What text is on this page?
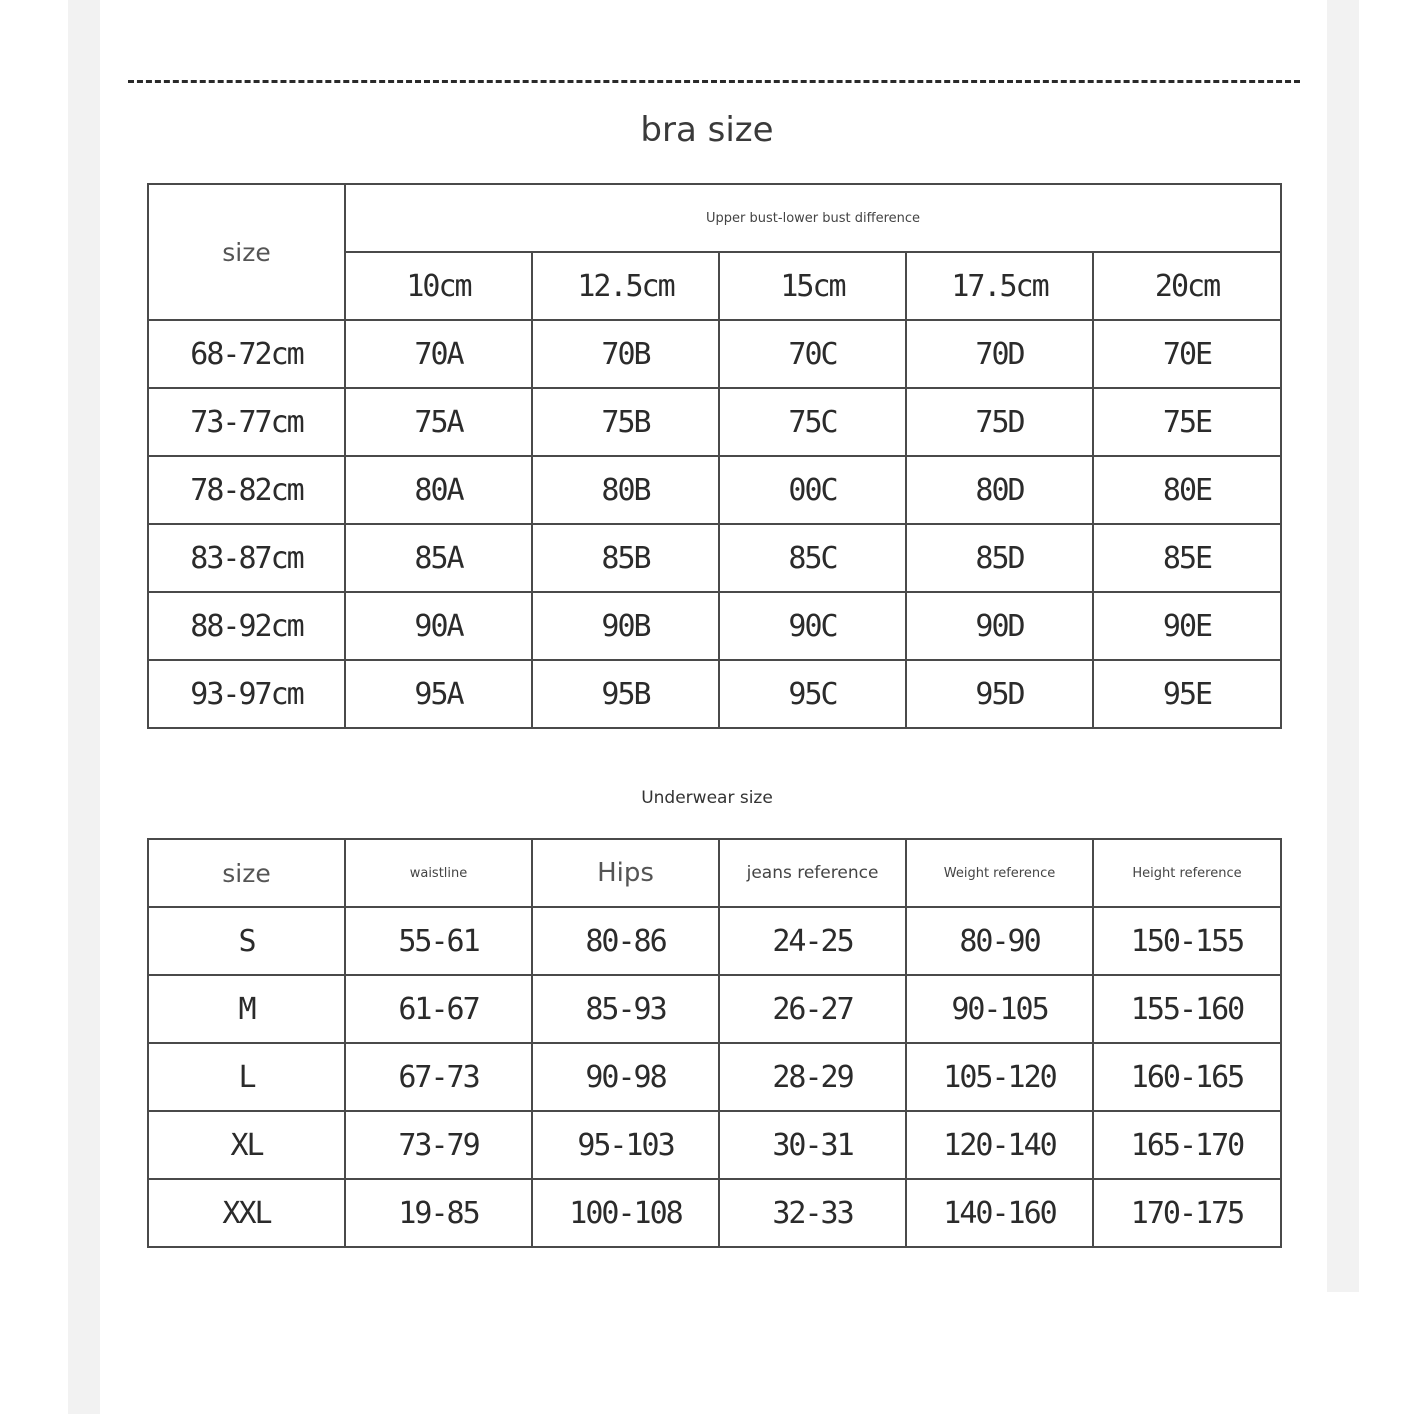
bra size
size	Upper bust-lower bust difference				
	10cm	12.5cm	15cm	17.5cm	20cm
68-72cm	70A	70B	70C	70D	70E
73-77cm	75A	75B	75C	75D	75E
78-82cm	80A	80B	00C	80D	80E
83-87cm	85A	85B	85C	85D	85E
88-92cm	90A	90B	90C	90D	90E
93-97cm	95A	95B	95C	95D	95E
Underwear size
size	waistline	Hips	jeans reference	Weight reference	Height reference
S	55-61	80-86	24-25	80-90	150-155
M	61-67	85-93	26-27	90-105	155-160
L	67-73	90-98	28-29	105-120	160-165
XL	73-79	95-103	30-31	120-140	165-170
XXL	19-85	100-108	32-33	140-160	170-175
